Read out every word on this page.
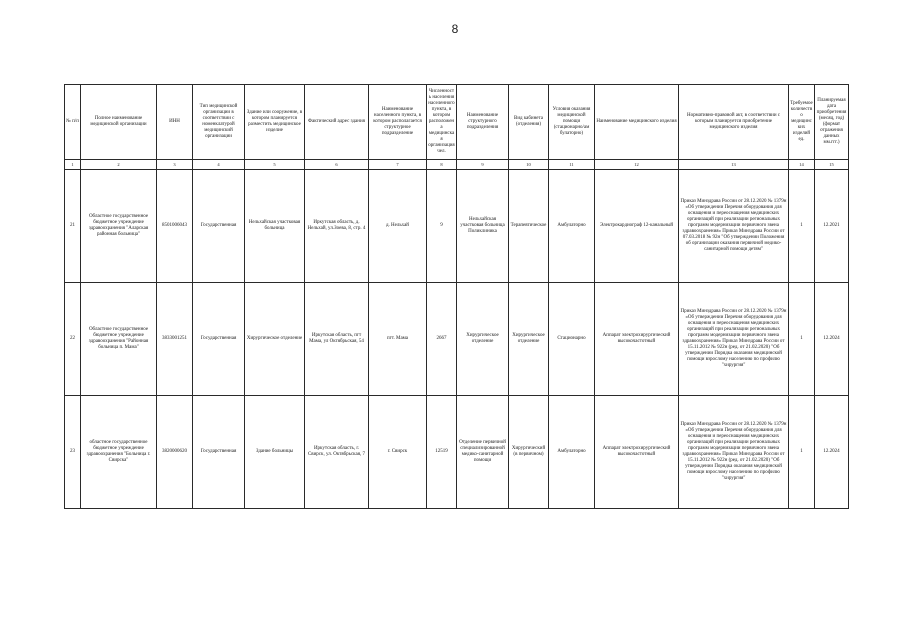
8
№ п/п	Полное наименование медицинской организации	ИНН	Тип медицинской организации в соответствии с номенклатурой медицинский организации	Здание или сооружение, в котором планируется разместить медицинское изделие	Фактический адрес здания	Наименование населенного пункта, в котором располагается структурное подразделение	Численность населения населенного пункта, в котором расположена медицинская организация чел.	Наименование структурного подразделения	Вид кабинета (отделения)	Условия оказания медицинской помощи (стационарно/ам булаторно)	Наименование медицинского изделия	Нормативно-правовой акт, в соответствии с которым планируется приобретение медицинского изделия	Требуемое количество медицинских изделий ед.	Планируемая дата приобретения (месяц, год) (формат отражения данных мм.ггг.)
1	2	3	4	5	6	7	8	9	10	11	12	13	14	15
21	Областное государственное бюджетное учреждение здравоохранения "Аларская районная больница"	8501006043	Государственная	Нельхайская участковая больница	Иркутская область, д. Нельхай, ул.Зоева, 8, стр. 4	д. Нельхай	9	Нельхайская участковая больница Поликлиника	Терапевтическое	Амбулаторно	Электрокардиограф 12-канальный	Приказ Минздрава России от 28.12.2020 № 1379н «Об утверждении Перечня оборудования для оснащения и переоснащения медицинских организаций при реализации региональных программ модернизации первичного звена здравоохранения» Приказ Минздрава России от 07.03.2018 № 92н "Об утверждении Положения об организации оказания первичной медико-санитарной помощи детям"	1	12.2021
22	Областное государственное бюджетное учреждение здравоохранения "Районная больница п. Мама"	3833001251	Государственная	Хирургическое отделение	Иркутская область, пгт Мама, ул Октябрьская, 54	пгт. Мама	2667	Хирургическое отделение	Хирургическое отделение	Стационарно	Аппарат электрохирургический высокочастотный	Приказ Минздрава России от 28.12.2020 № 1379н «Об утверждении Перечня оборудования для оснащения и переоснащения медицинских организаций при реализации региональных программ модернизации первичного звена здравоохранения» Приказ Минздрава России от 15.11.2012 № 922н (ред. от 21.02.2020) "Об утверждении Порядка оказания медицинской помощи взрослому населению по профилю "хирургия"	1	12.2024
23	областное государственное бюджетное учреждение здравоохранения "Больница г. Свирска"	3820000620	Государственная	Здание больницы	Иркутская область, г. Свирск, ул. Октябрьская, 7	г. Свирск	12519	Отделение первичной специализированной медико-санитарной помощи	Хирургический (в первичном)	Амбулаторно	Аппарат электрохирургический высокочастотный	Приказ Минздрава России от 28.12.2020 № 1379н «Об утверждении Перечня оборудования для оснащения и переоснащения медицинских организаций при реализации региональных программ модернизации первичного звена здравоохранения» Приказ Минздрава России от 15.11.2012 № 922н (ред. от 21.02.2020) "Об утверждении Порядка оказания медицинской помощи взрослому населению по профилю "хирургия"	1	12.2024
